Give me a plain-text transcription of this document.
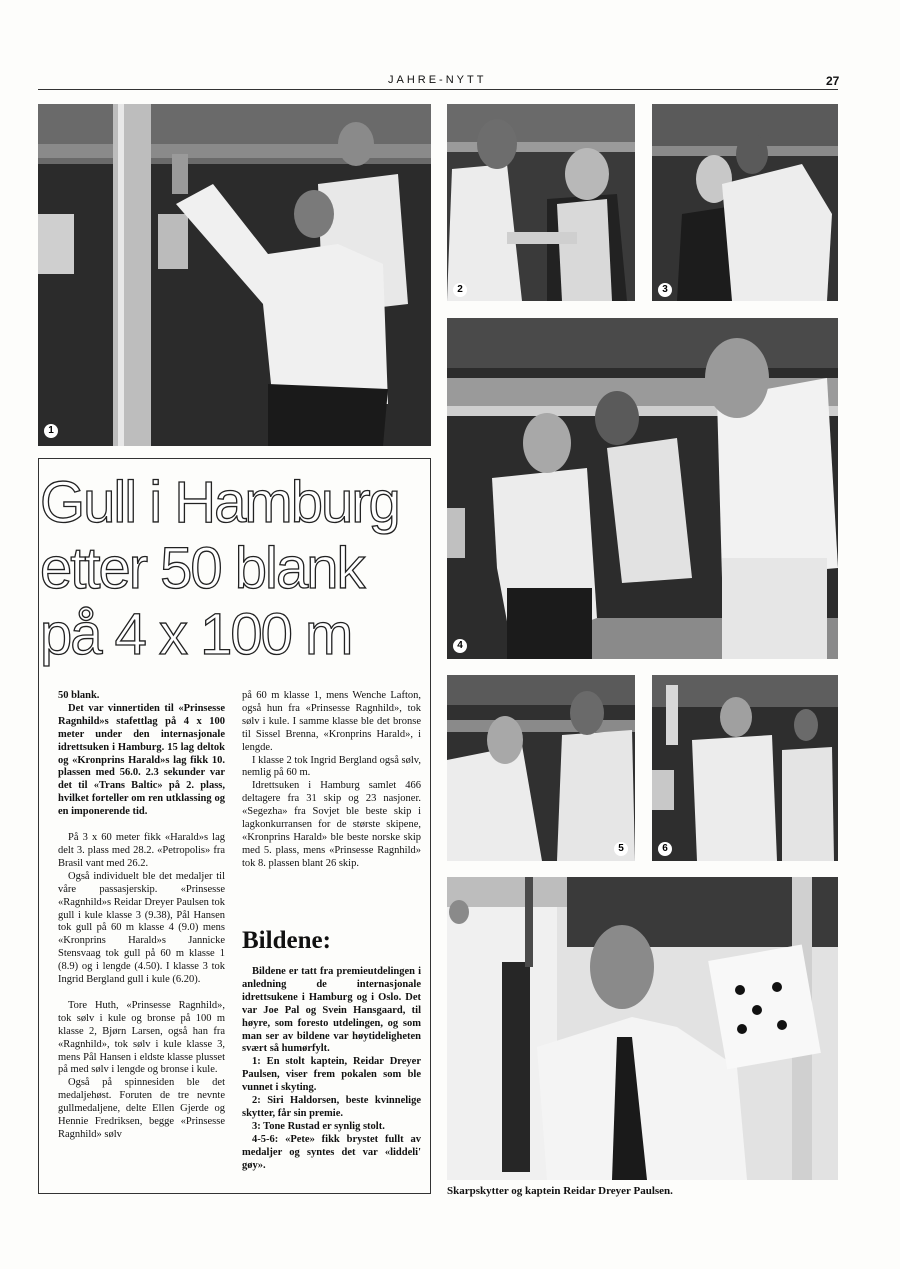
JAHRE-NYTT	27
1
2	3
4
5	6
Gull i Hamburg
etter 50 blank
på 4 x 100 m

50 blank.

Det var vinnertiden til «Prinsesse Ragnhild»s stafettlag på 4 x 100 meter under den internasjonale idrettsuken i Hamburg. 15 lag deltok og «Kronprins Harald»s lag fikk 10. plassen med 56.0. 2.3 sekunder var det til «Trans Baltic» på 2. plass, hvilket forteller om ren utklassing og en imponerende tid.

På 3 x 60 meter fikk «Harald»s lag delt 3. plass med 28.2. «Petropolis» fra Brasil vant med 26.2.

Også individuelt ble det medaljer til våre passasjerskip. «Prinsesse «Ragnhild»s Reidar Dreyer Paulsen tok gull i kule klasse 3 (9.38), Pål Hansen tok gull på 60 m klasse 4 (9.0) mens «Kronprins Harald»s Jannicke Stensvaag tok gull på 60 m klasse 1 (8.9) og i lengde (4.50). I klasse 3 tok Ingrid Bergland gull i kule (6.20).

Tore Huth, «Prinsesse Ragnhild», tok sølv i kule og bronse på 100 m klasse 2, Bjørn Larsen, også han fra «Ragnhild», tok sølv i kule klasse 3, mens Pål Hansen i eldste klasse plusset på med sølv i lengde og bronse i kule.

Også på spinnesiden ble det medaljehøst. Foruten de tre nevnte gullmedaljene, delte Ellen Gjerde og Hennie Fredriksen, begge «Prinsesse Ragnhild» sølv

på 60 m klasse 1, mens Wenche Lafton, også hun fra «Prinsesse Ragnhild», tok sølv i kule. I samme klasse ble det bronse til Sissel Brenna, «Kronprins Harald», i lengde.

I klasse 2 tok Ingrid Bergland også sølv, nemlig på 60 m.

Idrettsuken i Hamburg samlet 466 deltagere fra 31 skip og 23 nasjoner. «Segezha» fra Sovjet ble beste skip i lagkonkurransen for de største skipene, «Kronprins Harald» ble beste norske skip med 5. plass, mens «Prinsesse Ragnhild» tok 8. plassen blant 26 skip.

Bildene:

Bildene er tatt fra premieutdelingen i anledning de internasjonale idrettsukene i Hamburg og i Oslo. Det var Joe Pal og Svein Hansgaard, til høyre, som foresto utdelingen, og som man ser av bildene var høytideligheten svært så humørfylt.

1: En stolt kaptein, Reidar Dreyer Paulsen, viser frem pokalen som ble vunnet i skyting.

2: Siri Haldorsen, beste kvinnelige skytter, får sin premie.

3: Tone Rustad er synlig stolt.

4-5-6: «Pete» fikk brystet fullt av medaljer og syntes det var «liddeli' gøy».

Skarpskytter og kaptein Reidar Dreyer Paulsen.
